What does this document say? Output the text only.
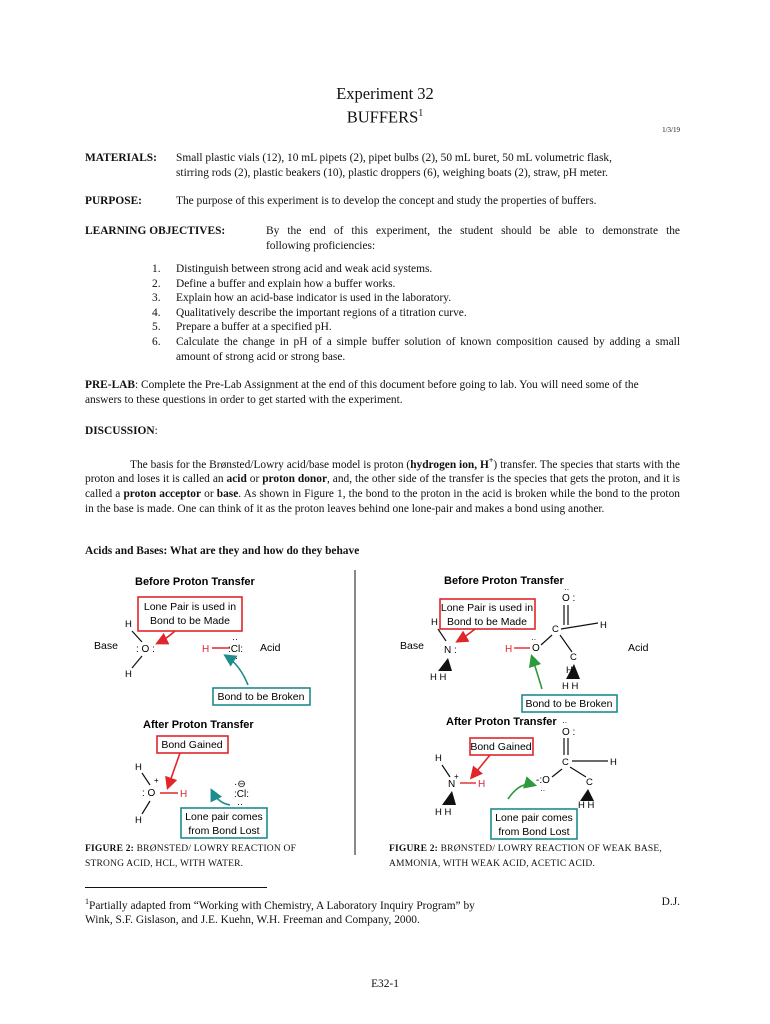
Experiment 32
BUFFERS$^1$
1/3/19
MATERIALS: Small plastic vials (12), 10 mL pipets (2), pipet bulbs (2), 50 mL buret, 50 mL volumetric flask,
stirring rods (2), plastic beakers (10), plastic droppers (6), weighing boats (2), straw, pH meter.
PURPOSE:	The purpose of this experiment is to develop the concept and study the properties of buffers.
LEARNING OBJECTIVES:	By the end of this experiment, the student should be able to demonstrate the
following proficiencies:
1. Distinguish between strong acid and weak acid systems.
2. Define a buffer and explain how a buffer works.
3. Explain how an acid-base indicator is used in the laboratory.
4. Qualitatively describe the important regions of a titration curve.
5. Prepare a buffer at a specified pH.
6. Calculate the change in pH of a simple buffer solution of known composition caused by adding a small amount of strong acid or strong base.
PRE-LAB: Complete the Pre-Lab Assignment at the end of this document before going to lab. You will need some of the answers to these questions in order to get started with the experiment.
DISCUSSION:
The basis for the Brønsted/Lowry acid/base model is proton (hydrogen ion, H+) transfer. The species that starts with the proton and loses it is called an acid or proton donor, and, the other side of the transfer is the species that gets the proton, and it is called a proton acceptor or base. As shown in Figure 1, the bond to the proton in the acid is broken while the bond to the proton in the base is made. One can think of it as the proton leaves behind one lone-pair and makes a bond using another.
Acids and Bases: What are they and how do they behave
Before Proton Transfer
Lone Pair is used in
Bond to be Made
Base
H
: O :
H
H :Cl:
··
··
Acid
Bond to be Broken
After Proton Transfer
Bond Gained
H
+
: O H
H
·⊖
:Cl:
··
Lone pair comes
from Bond Lost
Before Proton Transfer
O :
··
C	H
C
H
H H
Lone Pair is used in
Bond to be Made
Base
H
N :
H H
H O
··
··
Acid
Bond to be Broken
After Proton Transfer
O :
··
C	H
C
H H
-:O
··
Bond Gained
H
+
N H
H H	Lone pair comes
from Bond Lost
FIGURE 2: BRØNSTED/ LOWRY REACTION OF STRONG ACID, HCL, WITH WATER.
FIGURE 2: BRØNSTED/ LOWRY REACTION OF WEAK BASE, AMMONIA, WITH WEAK ACID, ACETIC ACID.
$^1$Partially adapted from “Working with Chemistry, A Laboratory Inquiry Program” by	D.J.
Wink, S.F. Gislason, and J.E. Kuehn, W.H. Freeman and Company, 2000.
E32-1
